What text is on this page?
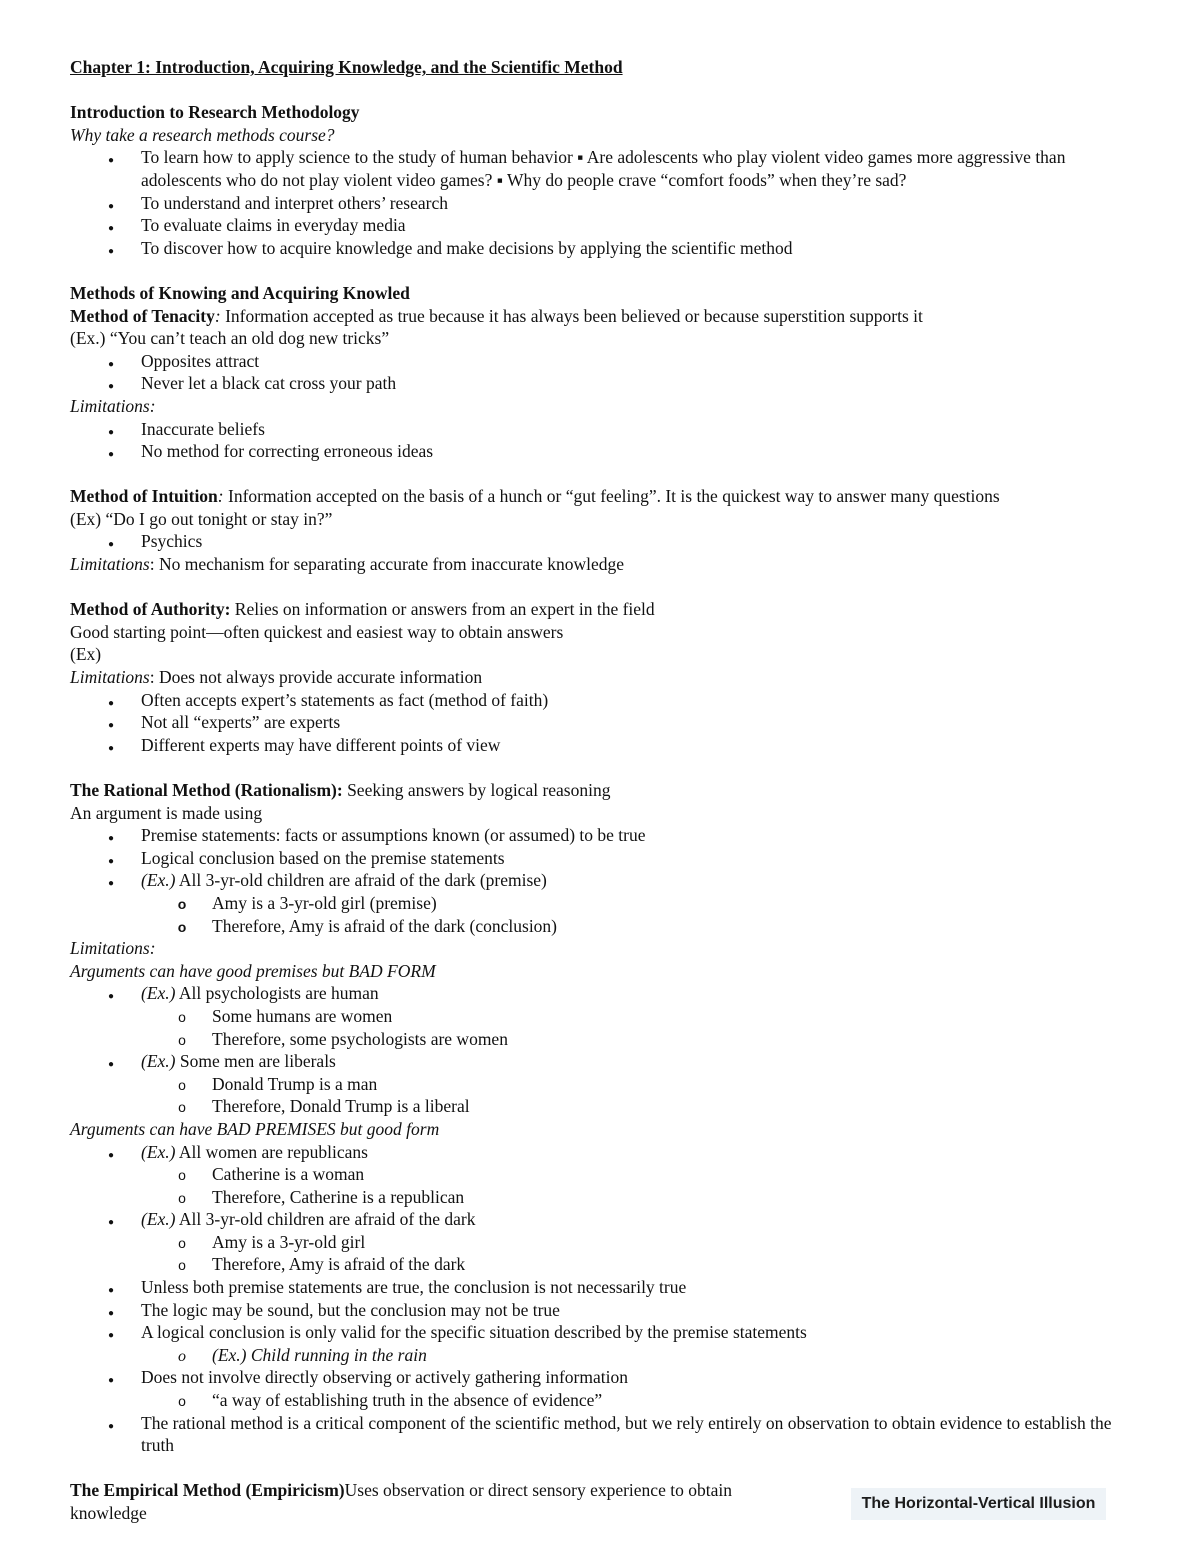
Chapter 1: Introduction, Acquiring Knowledge, and the Scientific Method

Introduction to Research Methodology

Why take a research methods course?

●
To learn how to apply science to the study of human behavior ▪ Are adolescents who play violent video games more aggressive than adolescents who do not play violent video games? ▪ Why do people crave “comfort foods” when they’re sad?
●
To understand and interpret others’ research
●
To evaluate claims in everyday media
●
To discover how to acquire knowledge and make decisions by applying the scientific method

Methods of Knowing and Acquiring Knowled

Method of Tenacity: Information accepted as true because it has always been believed or because superstition supports it

(Ex.) “You can’t teach an old dog new tricks”

●
Opposites attract
●
Never let a black cat cross your path

Limitations:

●
Inaccurate beliefs
●
No method for correcting erroneous ideas

Method of Intuition: Information accepted on the basis of a hunch or “gut feeling”. It is the quickest way to answer many questions

(Ex) “Do I go out tonight or stay in?”

●
Psychics

Limitations: No mechanism for separating accurate from inaccurate knowledge

Method of Authority: Relies on information or answers from an expert in the field

Good starting point—often quickest and easiest way to obtain answers

(Ex)

Limitations: Does not always provide accurate information

●
Often accepts expert’s statements as fact (method of faith)
●
Not all “experts” are experts
●
Different experts may have different points of view

The Rational Method (Rationalism): Seeking answers by logical reasoning

An argument is made using

●
Premise statements: facts or assumptions known (or assumed) to be true
●
Logical conclusion based on the premise statements
●
(Ex.) All 3-yr-old children are afraid of the dark (premise)
o
Amy is a 3-yr-old girl (premise)
o
Therefore, Amy is afraid of the dark (conclusion)

Limitations:

Arguments can have good premises but BAD FORM

●
(Ex.) All psychologists are human
o
Some humans are women
o
Therefore, some psychologists are women
●
(Ex.) Some men are liberals
o
Donald Trump is a man
o
Therefore, Donald Trump is a liberal

Arguments can have BAD PREMISES but good form

●
(Ex.) All women are republicans
o
Catherine is a woman
o
Therefore, Catherine is a republican
●
(Ex.) All 3-yr-old children are afraid of the dark
o
Amy is a 3-yr-old girl
o
Therefore, Amy is afraid of the dark
●
Unless both premise statements are true, the conclusion is not necessarily true
●
The logic may be sound, but the conclusion may not be true
●
A logical conclusion is only valid for the specific situation described by the premise statements
o
(Ex.) Child running in the rain
●
Does not involve directly observing or actively gathering information
o
“a way of establishing truth in the absence of evidence”
●
The rational method is a critical component of the scientific method, but we rely entirely on observation to obtain evidence to establish the truth

The Empirical Method (Empiricism)Uses observation or direct sensory experience to obtain

knowledge	The Horizontal-Vertical Illusion
